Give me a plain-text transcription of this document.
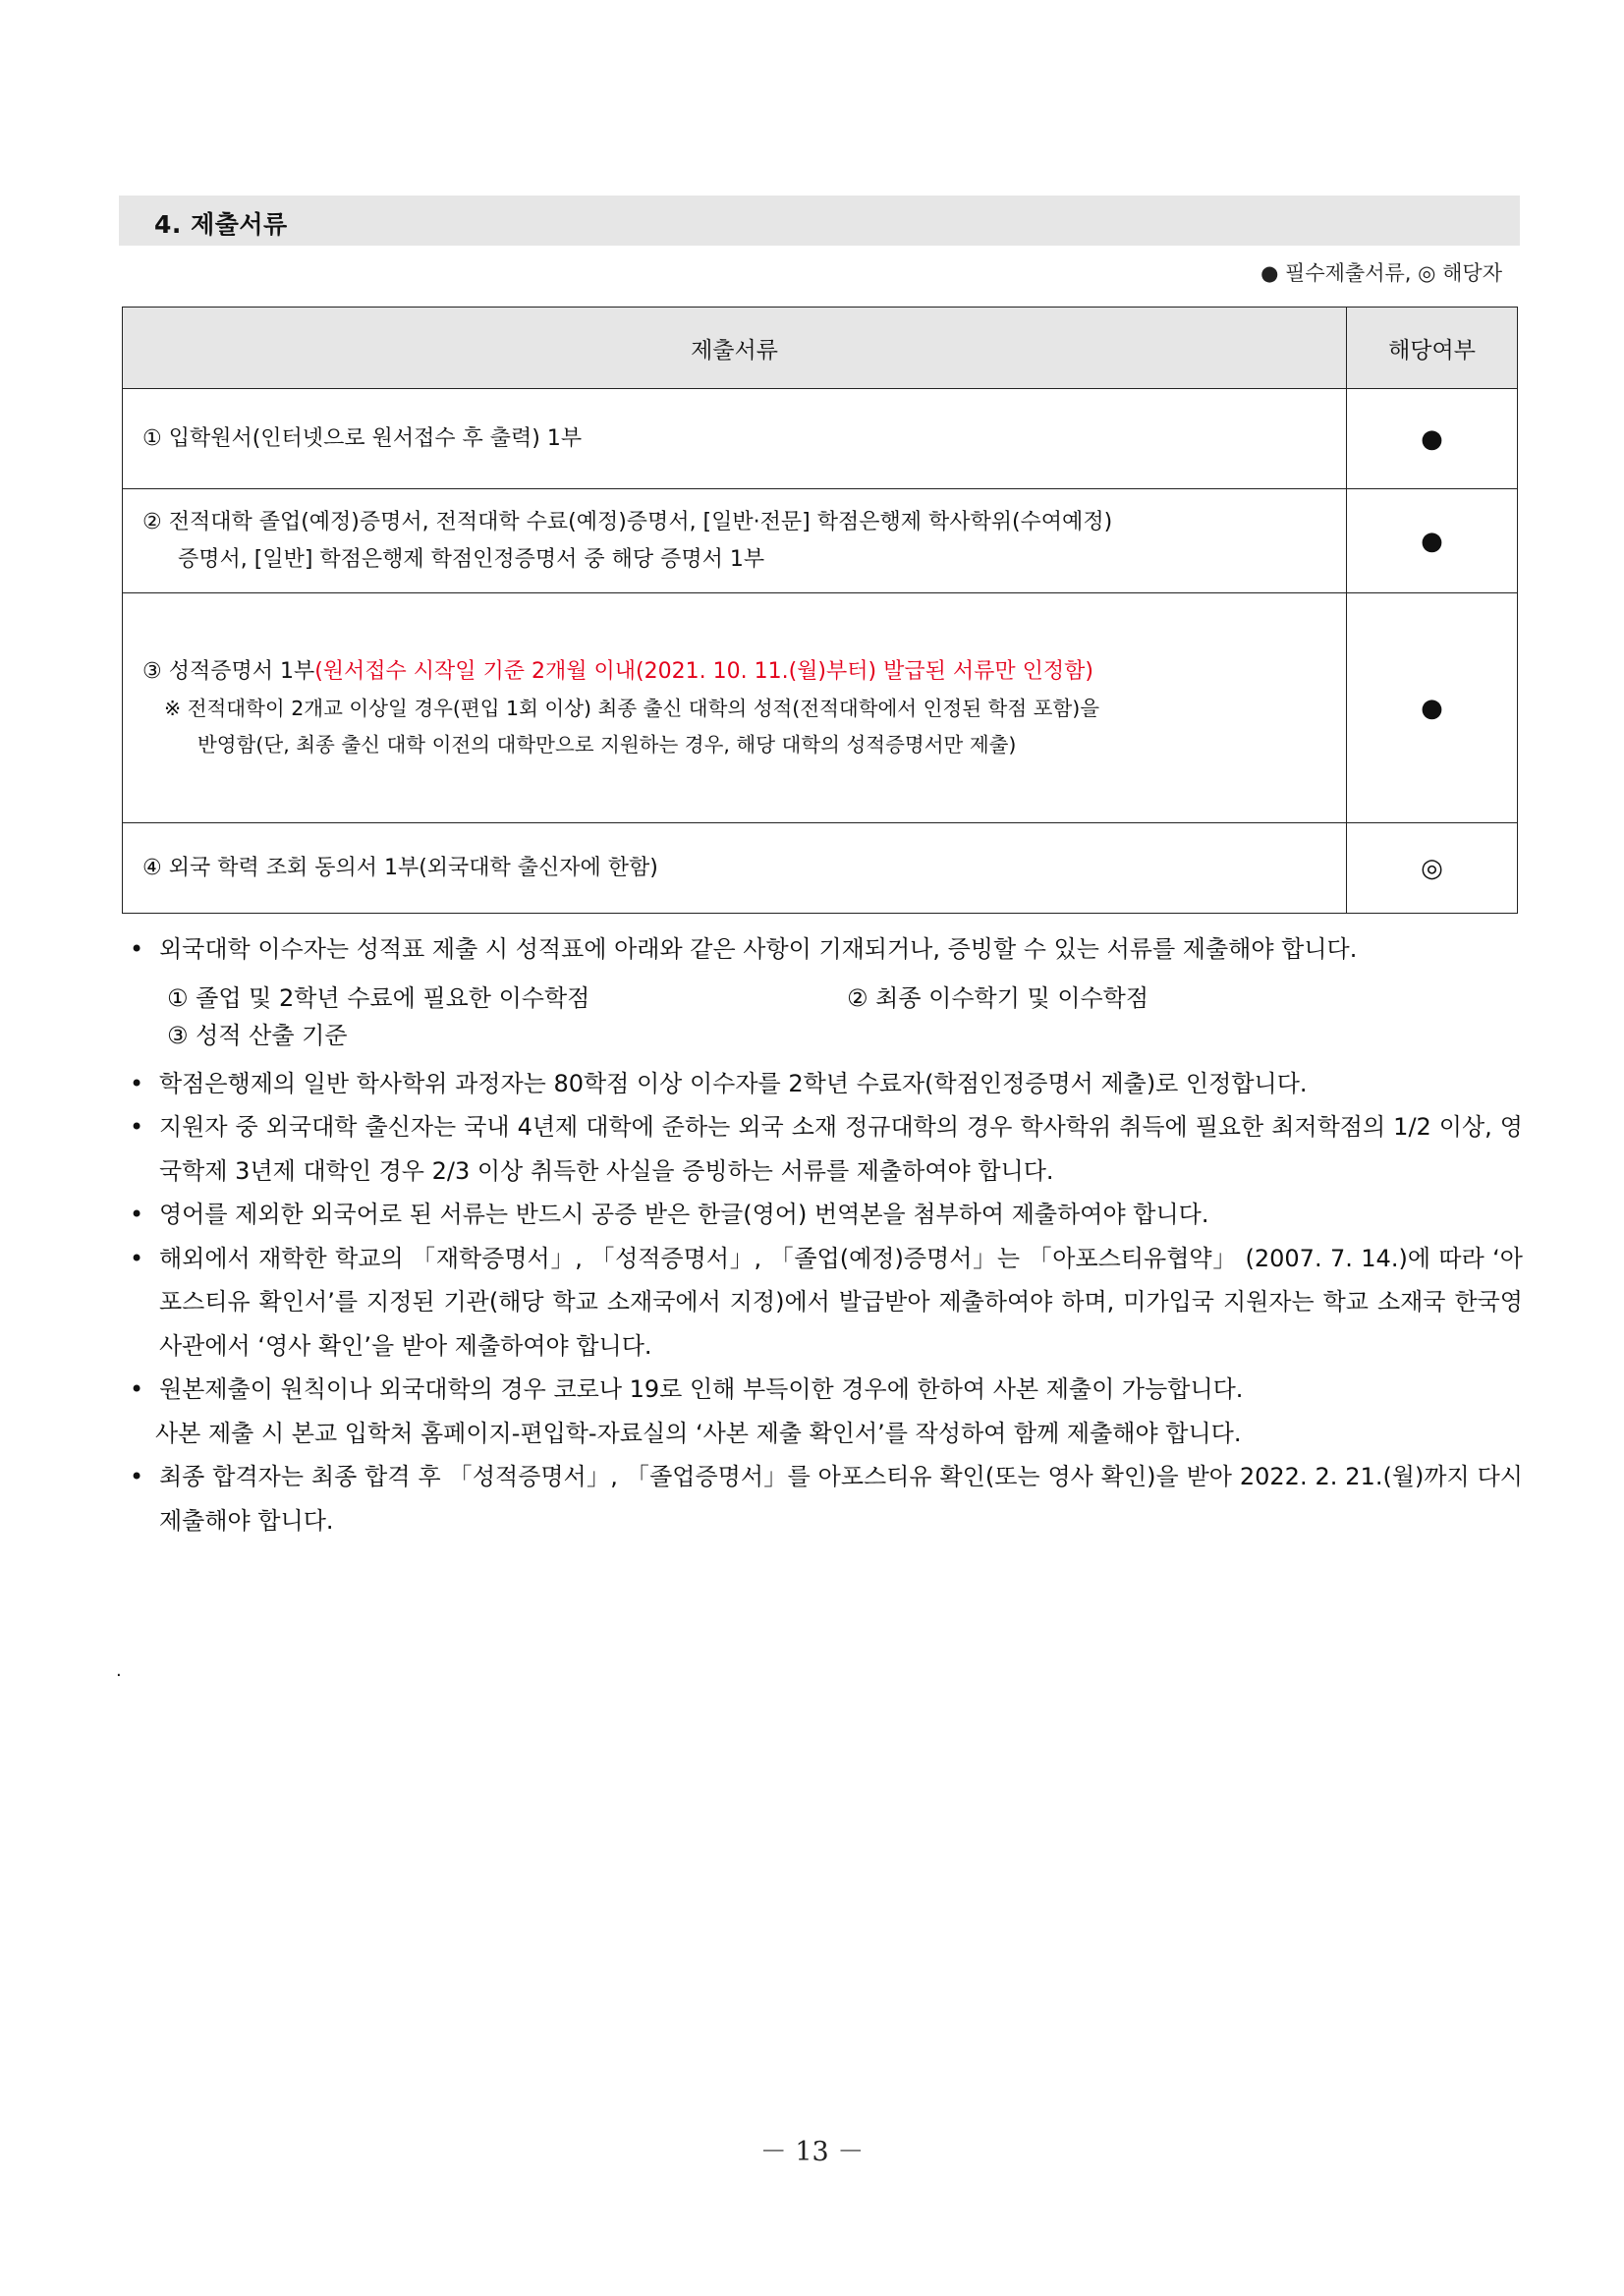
4. 제출서류
● 필수제출서류, ◎ 해당자
제출서류	해당여부

① 입학원서(인터넷으로 원서접수 후 출력) 1부	●

② 전적대학 졸업(예정)증명서, 전적대학 수료(예정)증명서, [일반·전문] 학점은행제 학사학위(수여예정)
증명서, [일반] 학점은행제 학점인정증명서 중 해당 증명서 1부	●

③ 성적증명서 1부(원서접수 시작일 기준 2개월 이내(2021. 10. 11.(월)부터) 발급된 서류만 인정함)
※ 전적대학이 2개교 이상일 경우(편입 1회 이상) 최종 출신 대학의 성적(전적대학에서 인정된 학점 포함)을
반영함(단, 최종 출신 대학 이전의 대학만으로 지원하는 경우, 해당 대학의 성적증명서만 제출)	●

④ 외국 학력 조회 동의서 1부(외국대학 출신자에 한함)	◎
• 외국대학 이수자는 성적표 제출 시 성적표에 아래와 같은 사항이 기재되거나, 증빙할 수 있는 서류를 제출해야 합니다.
① 졸업 및 2학년 수료에 필요한 이수학점	② 최종 이수학기 및 이수학점
③ 성적 산출 기준
• 학점은행제의 일반 학사학위 과정자는 80학점 이상 이수자를 2학년 수료자(학점인정증명서 제출)로 인정합니다.
• 지원자 중 외국대학 출신자는 국내 4년제 대학에 준하는 외국 소재 정규대학의 경우 학사학위 취득에 필요한 최저학점의 1/2 이상, 영국학제 3년제 대학인 경우 2/3 이상 취득한 사실을 증빙하는 서류를 제출하여야 합니다.
• 영어를 제외한 외국어로 된 서류는 반드시 공증 받은 한글(영어) 번역본을 첨부하여 제출하여야 합니다.
• 해외에서 재학한 학교의 「재학증명서」, 「성적증명서」, 「졸업(예정)증명서」는 「아포스티유협약」 (2007. 7. 14.)에 따라 ‘아포스티유 확인서’를 지정된 기관(해당 학교 소재국에서 지정)에서 발급받아 제출하여야 하며, 미가입국 지원자는 학교 소재국 한국영사관에서 ‘영사 확인’을 받아 제출하여야 합니다.
• 원본제출이 원칙이나 외국대학의 경우 코로나 19로 인해 부득이한 경우에 한하여 사본 제출이 가능합니다.
사본 제출 시 본교 입학처 홈페이지-편입학-자료실의 ‘사본 제출 확인서’를 작성하여 함께 제출해야 합니다.
• 최종 합격자는 최종 합격 후 「성적증명서」, 「졸업증명서」를 아포스티유 확인(또는 영사 확인)을 받아 2022. 2. 21.(월)까지 다시 제출해야 합니다.
.
－ 13 －
